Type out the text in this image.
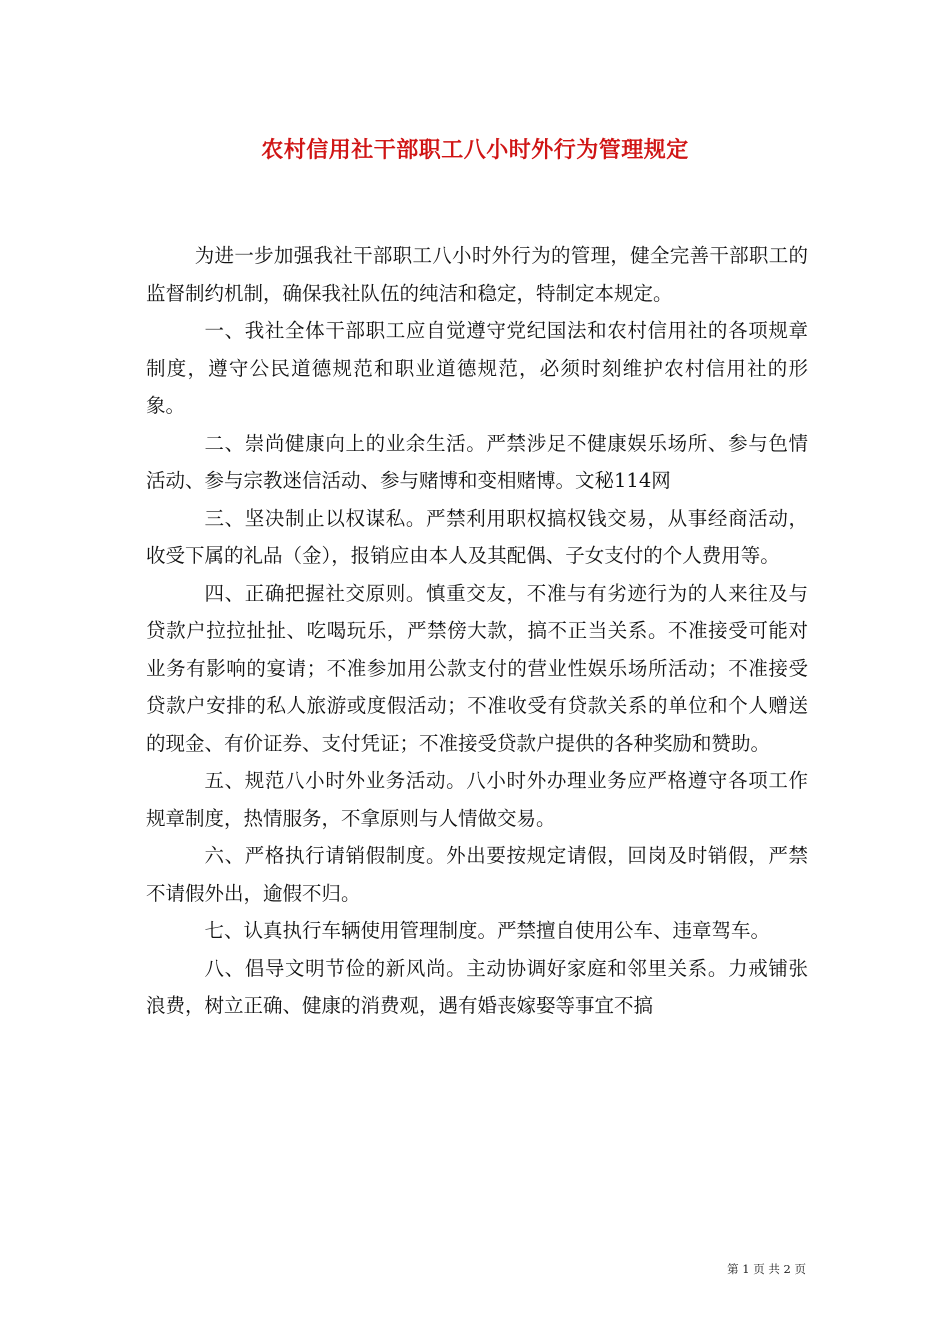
农村信用社干部职工八小时外行为管理规定

为进一步加强我社干部职工八小时外行为的管理，健全完善干部职工的监督制约机制，确保我社队伍的纯洁和稳定，特制定本规定。

一、我社全体干部职工应自觉遵守党纪国法和农村信用社的各项规章制度，遵守公民道德规范和职业道德规范，必须时刻维护农村信用社的形象。

二、崇尚健康向上的业余生活。严禁涉足不健康娱乐场所、参与色情活动、参与宗教迷信活动、参与赌博和变相赌博。文秘114网

三、坚决制止以权谋私。严禁利用职权搞权钱交易，从事经商活动，收受下属的礼品（金），报销应由本人及其配偶、子女支付的个人费用等。

四、正确把握社交原则。慎重交友，不准与有劣迹行为的人来往及与贷款户拉拉扯扯、吃喝玩乐，严禁傍大款，搞不正当关系。不准接受可能对业务有影响的宴请；不准参加用公款支付的营业性娱乐场所活动；不准接受贷款户安排的私人旅游或度假活动；不准收受有贷款关系的单位和个人赠送的现金、有价证券、支付凭证；不准接受贷款户提供的各种奖励和赞助。

五、规范八小时外业务活动。八小时外办理业务应严格遵守各项工作规章制度，热情服务，不拿原则与人情做交易。

六、严格执行请销假制度。外出要按规定请假，回岗及时销假，严禁不请假外出，逾假不归。

七、认真执行车辆使用管理制度。严禁擅自使用公车、违章驾车。

八、倡导文明节俭的新风尚。主动协调好家庭和邻里关系。力戒铺张浪费，树立正确、健康的消费观，遇有婚丧嫁娶等事宜不搞

第 1 页 共 2 页
